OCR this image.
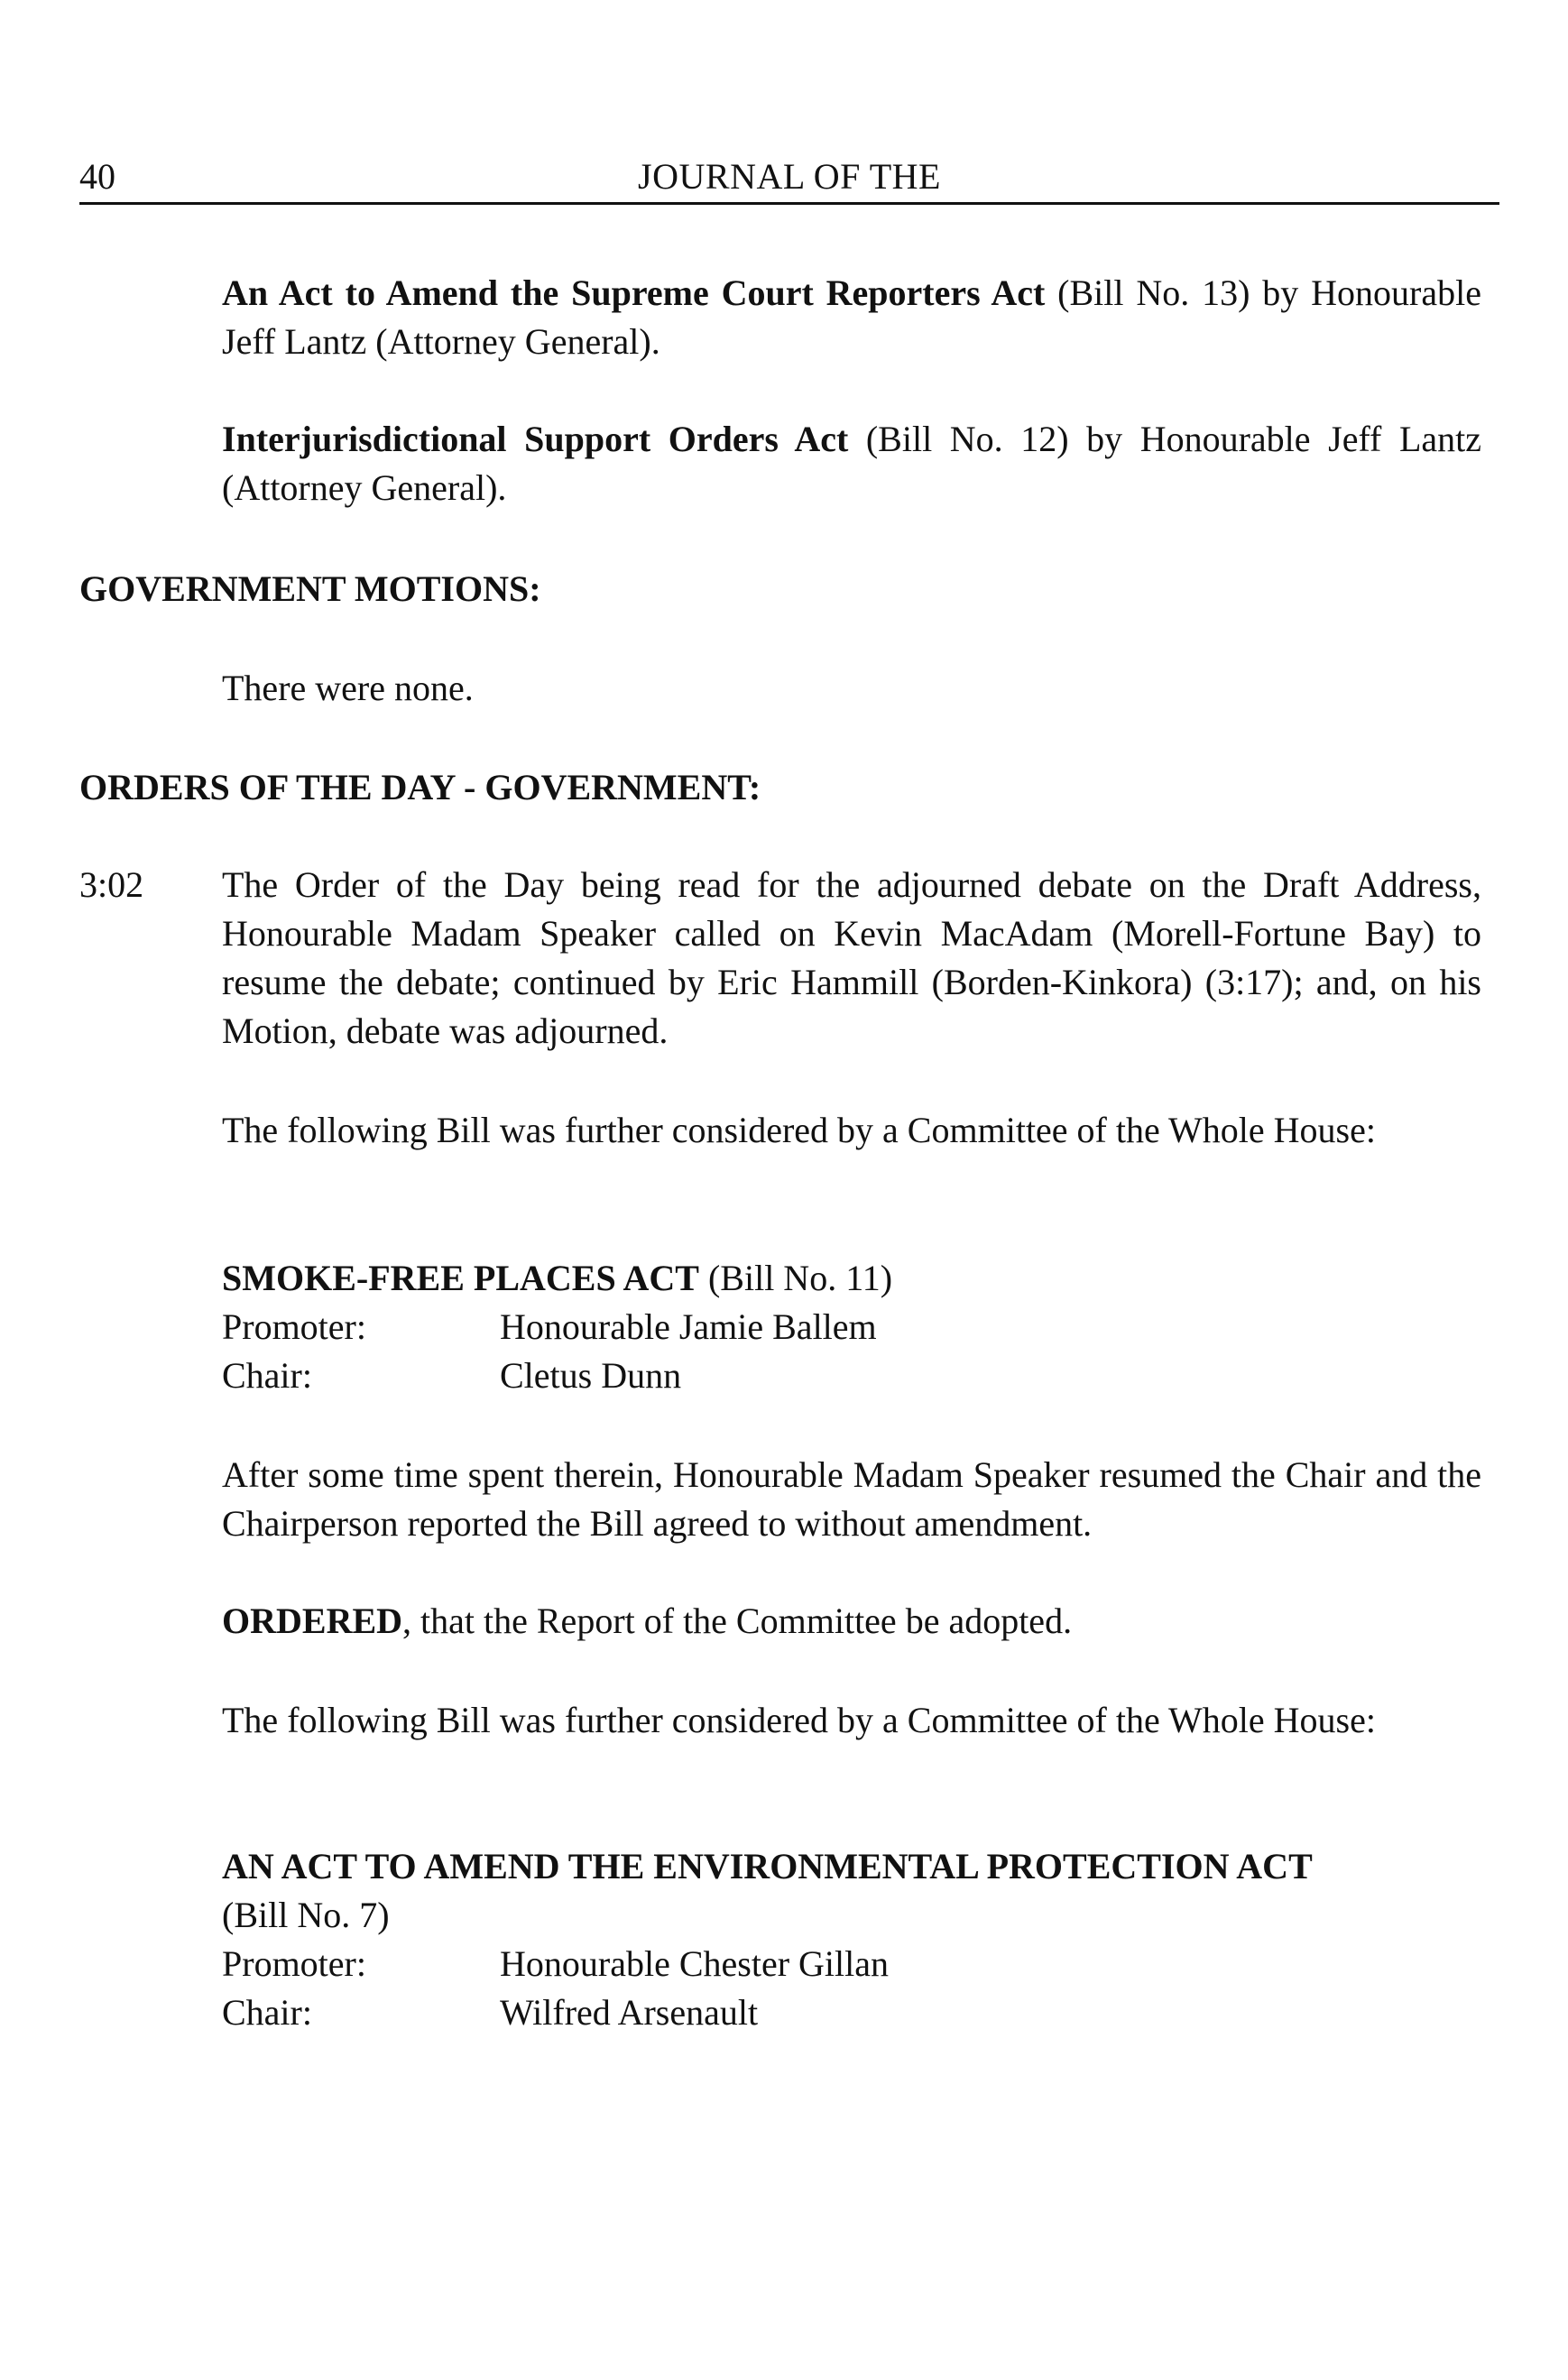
40	JOURNAL OF THE
An Act to Amend the Supreme Court Reporters Act (Bill No. 13) by Honourable Jeff Lantz (Attorney General).
Interjurisdictional Support Orders Act (Bill No. 12) by Honourable Jeff Lantz (Attorney General).
GOVERNMENT MOTIONS:
There were none.
ORDERS OF THE DAY - GOVERNMENT:
3:02 The Order of the Day being read for the adjourned debate on the Draft Address, Honourable Madam Speaker called on Kevin MacAdam (Morell-Fortune Bay) to resume the debate; continued by Eric Hammill (Borden-Kinkora) (3:17); and, on his Motion, debate was adjourned.
The following Bill was further considered by a Committee of the Whole House:
SMOKE-FREE PLACES ACT (Bill No. 11)
Promoter:	Honourable Jamie Ballem
Chair:	Cletus Dunn
After some time spent therein, Honourable Madam Speaker resumed the Chair and the Chairperson reported the Bill agreed to without amendment.
ORDERED, that the Report of the Committee be adopted.
The following Bill was further considered by a Committee of the Whole House:
AN ACT TO AMEND THE ENVIRONMENTAL PROTECTION ACT
(Bill No. 7)
Promoter:	Honourable Chester Gillan
Chair:	Wilfred Arsenault
